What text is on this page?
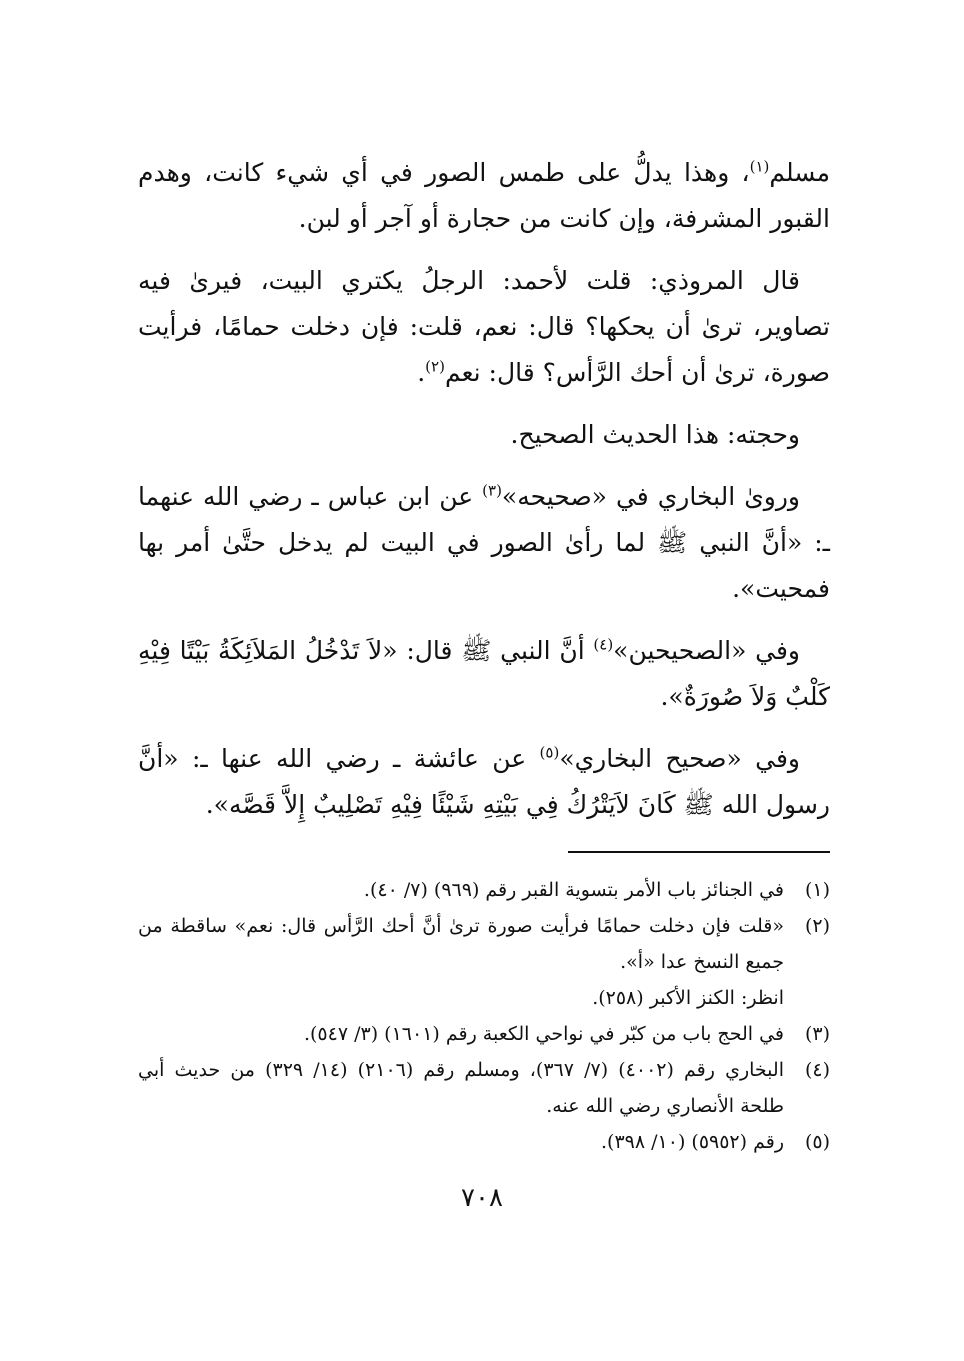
مسلم$^{(١)}$، وهذا يدلُّ على طمس الصور في أي شيء كانت، وهدم القبور المشرفة، وإن كانت من حجارة أو آجر أو لبن.

قال المروذي: قلت لأحمد: الرجلُ يكتري البيت، فيرىٰ فيه تصاوير، ترىٰ أن يحكها؟ قال: نعم، قلت: فإن دخلت حمامًا، فرأيت صورة، ترىٰ أن أحك الرَّأس؟ قال: نعم$^{(٢)}$.

وحجته: هذا الحديث الصحيح.

وروىٰ البخاري في «صحيحه»$^{(٣)}$ عن ابن عباس ـ رضي الله عنهما ـ: «أنَّ النبي ﷺ لما رأىٰ الصور في البيت لم يدخل حتَّىٰ أمر بها فمحيت».

وفي «الصحيحين»$^{(٤)}$ أنَّ النبي ﷺ قال: «لاَ تَدْخُلُ المَلاَئِكَةُ بَيْتًا فِيْهِ كَلْبٌ وَلاَ صُورَةٌ».

وفي «صحيح البخاري»$^{(٥)}$ عن عائشة ـ رضي الله عنها ـ: «أنَّ رسول الله ﷺ كَانَ لاَيَتْرُكُ فِي بَيْتِهِ شَيْئًا فِيْهِ تَصْلِيبٌ إِلاَّ قَصَّه».

(١)
في الجنائز باب الأمر بتسوية القبر رقم (٩٦٩) (٧/ ٤٠).
(٢)
«قلت فإن دخلت حمامًا فرأيت صورة ترىٰ أنَّ أحك الرَّأس قال: نعم» ساقطة من جميع النسخ عدا «أ».
انظر: الكنز الأكبر (٢٥٨).
(٣)
في الحج باب من كبّر في نواحي الكعبة رقم (١٦٠١) (٣/ ٥٤٧).
(٤)
البخاري رقم (٤٠٠٢) (٧/ ٣٦٧)، ومسلم رقم (٢١٠٦) (١٤/ ٣٢٩) من حديث أبي طلحة الأنصاري رضي الله عنه.
(٥)
رقم (٥٩٥٢) (١٠/ ٣٩٨).
٧٠٨
